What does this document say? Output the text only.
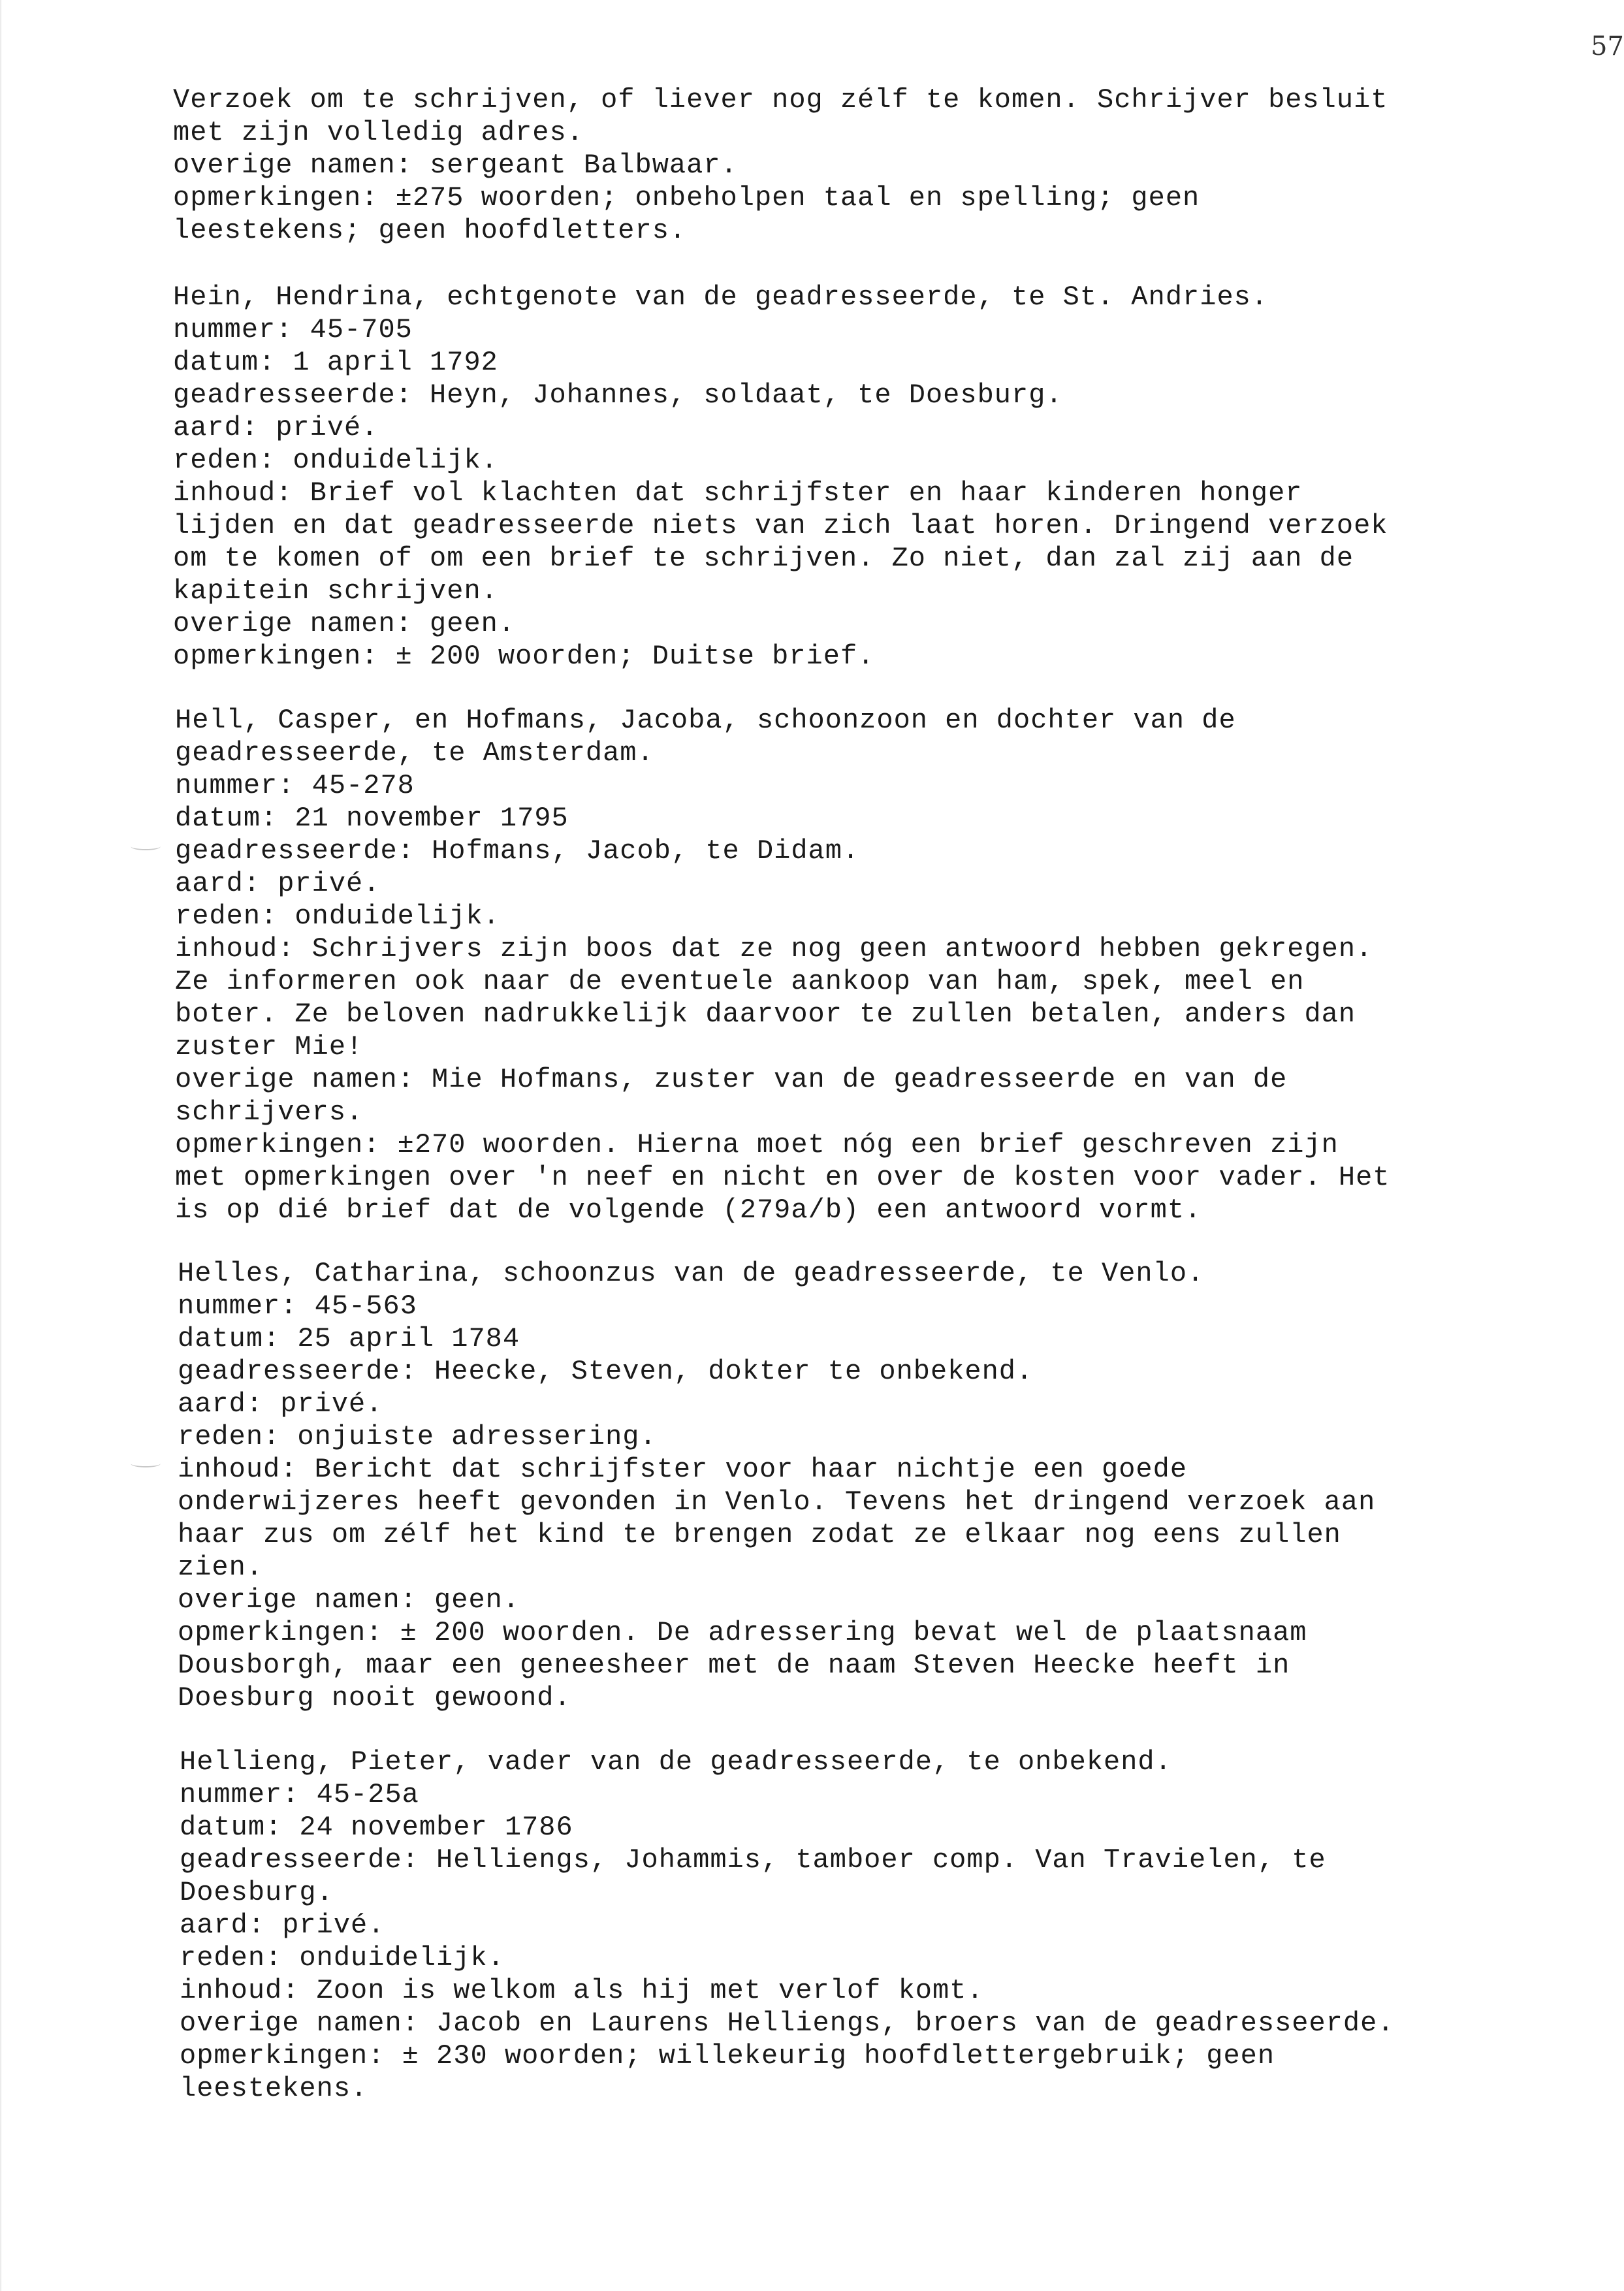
57

Verzoek om te schrijven, of liever nog zélf te komen. Schrijver besluit

met zijn volledig adres.

overige namen: sergeant Balbwaar.

opmerkingen: ±275 woorden; onbeholpen taal en spelling; geen

leestekens; geen hoofdletters.

Hein, Hendrina, echtgenote van de geadresseerde, te St. Andries.

nummer: 45-705

datum: 1 april 1792

geadresseerde: Heyn, Johannes, soldaat, te Doesburg.

aard: privé.

reden: onduidelijk.

inhoud: Brief vol klachten dat schrijfster en haar kinderen honger

lijden en dat geadresseerde niets van zich laat horen. Dringend verzoek

om te komen of om een brief te schrijven. Zo niet, dan zal zij aan de

kapitein schrijven.

overige namen: geen.

opmerkingen: ± 200 woorden; Duitse brief.

Hell, Casper, en Hofmans, Jacoba, schoonzoon en dochter van de

geadresseerde, te Amsterdam.

nummer: 45-278

datum: 21 november 1795

geadresseerde: Hofmans, Jacob, te Didam.

aard: privé.

reden: onduidelijk.

inhoud: Schrijvers zijn boos dat ze nog geen antwoord hebben gekregen.

Ze informeren ook naar de eventuele aankoop van ham, spek, meel en

boter. Ze beloven nadrukkelijk daarvoor te zullen betalen, anders dan

zuster Mie!

overige namen: Mie Hofmans, zuster van de geadresseerde en van de

schrijvers.

opmerkingen: ±270 woorden. Hierna moet nóg een brief geschreven zijn

met opmerkingen over 'n neef en nicht en over de kosten voor vader. Het

is op dié brief dat de volgende (279a/b) een antwoord vormt.

Helles, Catharina, schoonzus van de geadresseerde, te Venlo.

nummer: 45-563

datum: 25 april 1784

geadresseerde: Heecke, Steven, dokter te onbekend.

aard: privé.

reden: onjuiste adressering.

inhoud: Bericht dat schrijfster voor haar nichtje een goede

onderwijzeres heeft gevonden in Venlo. Tevens het dringend verzoek aan

haar zus om zélf het kind te brengen zodat ze elkaar nog eens zullen

zien.

overige namen: geen.

opmerkingen: ± 200 woorden. De adressering bevat wel de plaatsnaam

Dousborgh, maar een geneesheer met de naam Steven Heecke heeft in

Doesburg nooit gewoond.

Hellieng, Pieter, vader van de geadresseerde, te onbekend.

nummer: 45-25a

datum: 24 november 1786

geadresseerde: Helliengs, Johammis, tamboer comp. Van Travielen, te

Doesburg.

aard: privé.

reden: onduidelijk.

inhoud: Zoon is welkom als hij met verlof komt.

overige namen: Jacob en Laurens Helliengs, broers van de geadresseerde.

opmerkingen: ± 230 woorden; willekeurig hoofdlettergebruik; geen

leestekens.
